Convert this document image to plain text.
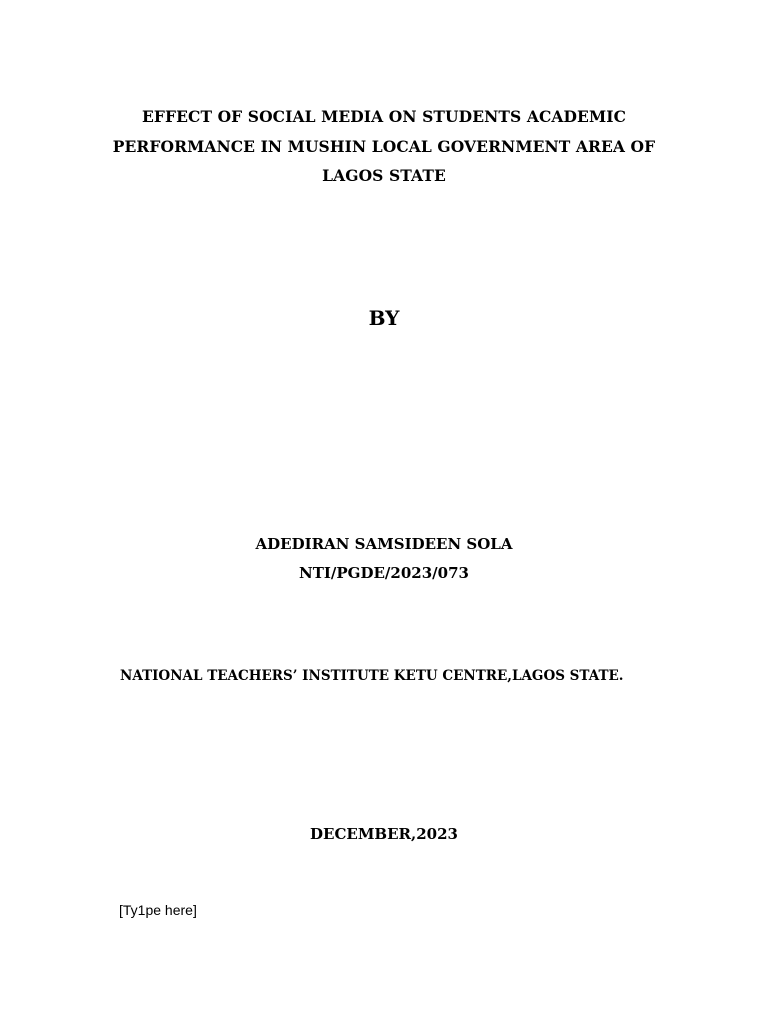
EFFECT OF SOCIAL MEDIA ON STUDENTS ACADEMIC
PERFORMANCE IN MUSHIN LOCAL GOVERNMENT AREA OF
LAGOS STATE
BY
ADEDIRAN SAMSIDEEN SOLA
NTI/PGDE/2023/073
NATIONAL TEACHERS’ INSTITUTE KETU CENTRE,LAGOS STATE.
DECEMBER,2023
[Ty1pe here]
